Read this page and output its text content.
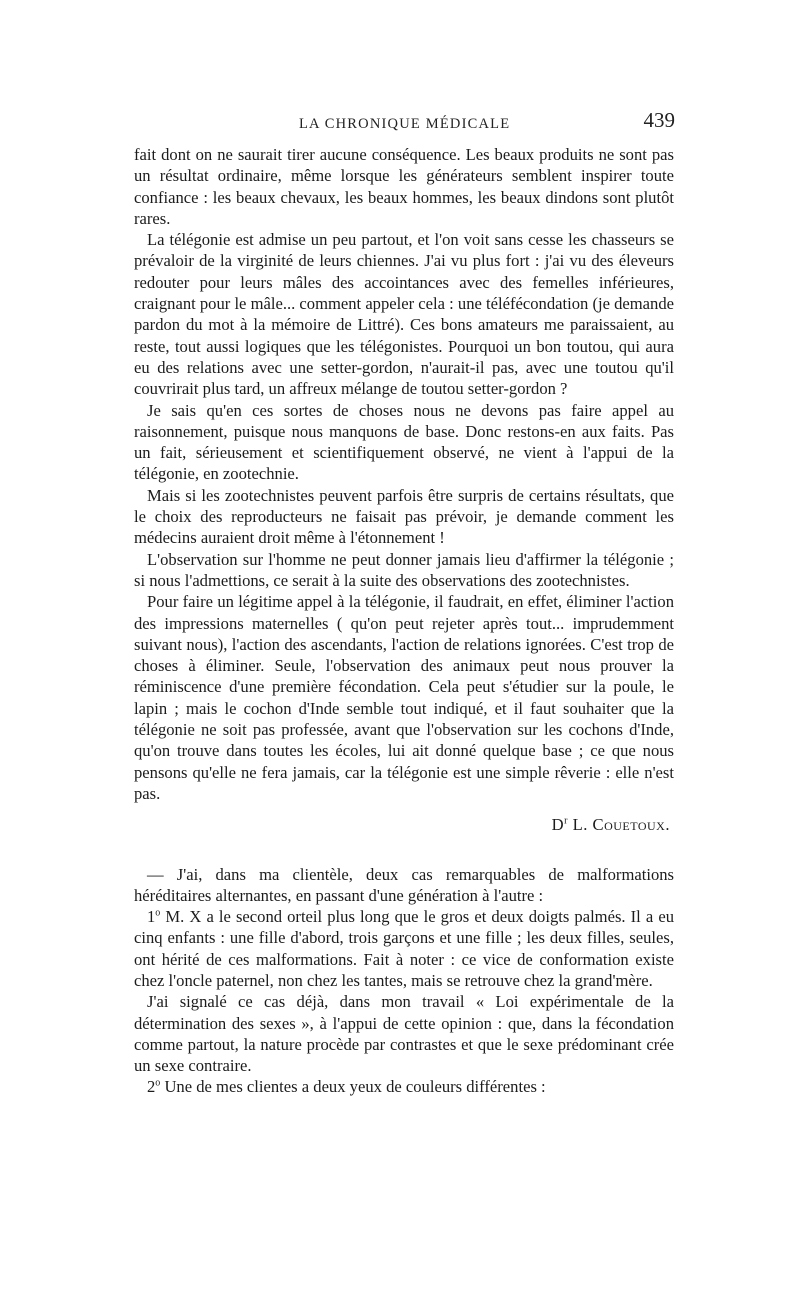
LA CHRONIQUE MÉDICALE	439

fait dont on ne saurait tirer aucune conséquence. Les beaux produits ne sont pas un résultat ordinaire, même lorsque les générateurs semblent inspirer toute confiance : les beaux chevaux, les beaux hommes, les beaux dindons sont plutôt rares.

La télégonie est admise un peu partout, et l'on voit sans cesse les chasseurs se prévaloir de la virginité de leurs chiennes. J'ai vu plus fort : j'ai vu des éleveurs redouter pour leurs mâles des accointances avec des femelles inférieures, craignant pour le mâle... comment appeler cela : une téléfécondation (je demande pardon du mot à la mémoire de Littré). Ces bons amateurs me paraissaient, au reste, tout aussi logiques que les télégonistes. Pourquoi un bon toutou, qui aura eu des relations avec une setter-gordon, n'aurait-il pas, avec une toutou qu'il couvrirait plus tard, un affreux mélange de toutou setter-gordon ?

Je sais qu'en ces sortes de choses nous ne devons pas faire appel au raisonnement, puisque nous manquons de base. Donc restons-en aux faits. Pas un fait, sérieusement et scientifiquement observé, ne vient à l'appui de la télégonie, en zootechnie.

Mais si les zootechnistes peuvent parfois être surpris de certains résultats, que le choix des reproducteurs ne faisait pas prévoir, je demande comment les médecins auraient droit même à l'étonnement !

L'observation sur l'homme ne peut donner jamais lieu d'affirmer la télégonie ; si nous l'admettions, ce serait à la suite des observations des zootechnistes.

Pour faire un légitime appel à la télégonie, il faudrait, en effet, éliminer l'action des impressions maternelles ( qu'on peut rejeter après tout... imprudemment suivant nous), l'action des ascendants, l'action de relations ignorées. C'est trop de choses à éliminer. Seule, l'observation des animaux peut nous prouver la réminiscence d'une première fécondation. Cela peut s'étudier sur la poule, le lapin ; mais le cochon d'Inde semble tout indiqué, et il faut souhaiter que la télégonie ne soit pas professée, avant que l'observation sur les cochons d'Inde, qu'on trouve dans toutes les écoles, lui ait donné quelque base ; ce que nous pensons qu'elle ne fera jamais, car la télégonie est une simple rêverie : elle n'est pas.

$D^r$ L. Couetoux.

— J'ai, dans ma clientèle, deux cas remarquables de malformations héréditaires alternantes, en passant d'une génération à l'autre :

1$^o$ M. X a le second orteil plus long que le gros et deux doigts palmés. Il a eu cinq enfants : une fille d'abord, trois garçons et une fille ; les deux filles, seules, ont hérité de ces malformations. Fait à noter : ce vice de conformation existe chez l'oncle paternel, non chez les tantes, mais se retrouve chez la grand'mère.

J'ai signalé ce cas déjà, dans mon travail « Loi expérimentale de la détermination des sexes », à l'appui de cette opinion : que, dans la fécondation comme partout, la nature procède par contrastes et que le sexe prédominant crée un sexe contraire.

2$^o$ Une de mes clientes a deux yeux de couleurs différentes :
